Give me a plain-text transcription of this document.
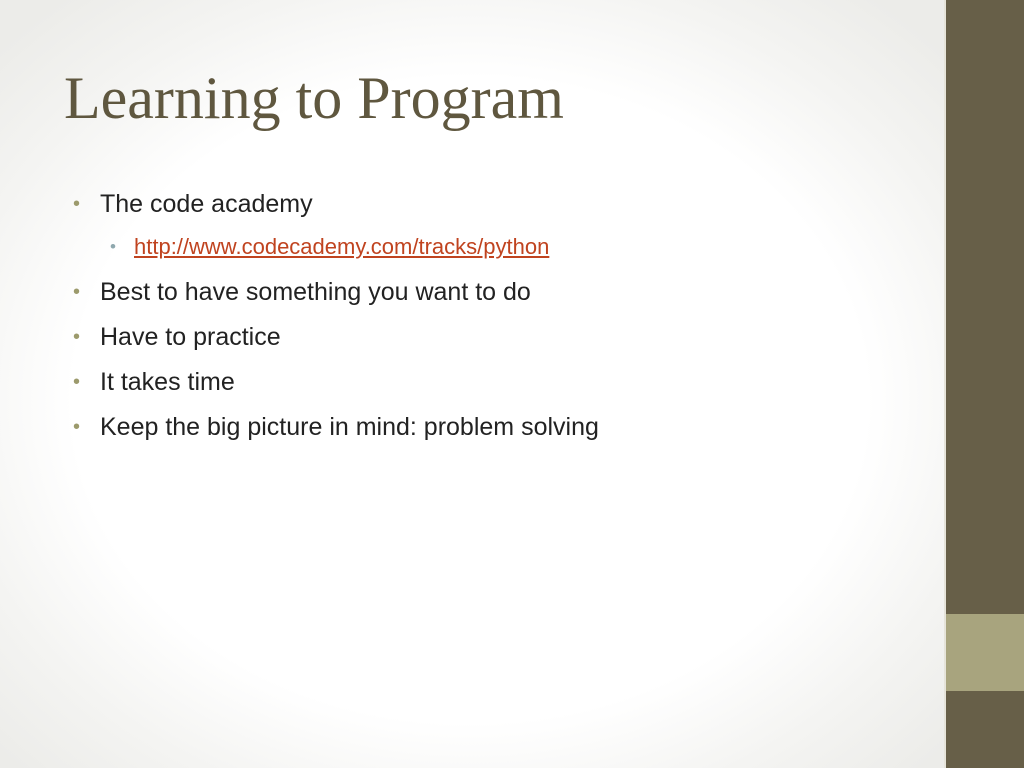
Learning to Program
• The code academy
• http://www.codecademy.com/tracks/python
• Best to have something you want to do
• Have to practice
• It takes time
• Keep the big picture in mind: problem solving
